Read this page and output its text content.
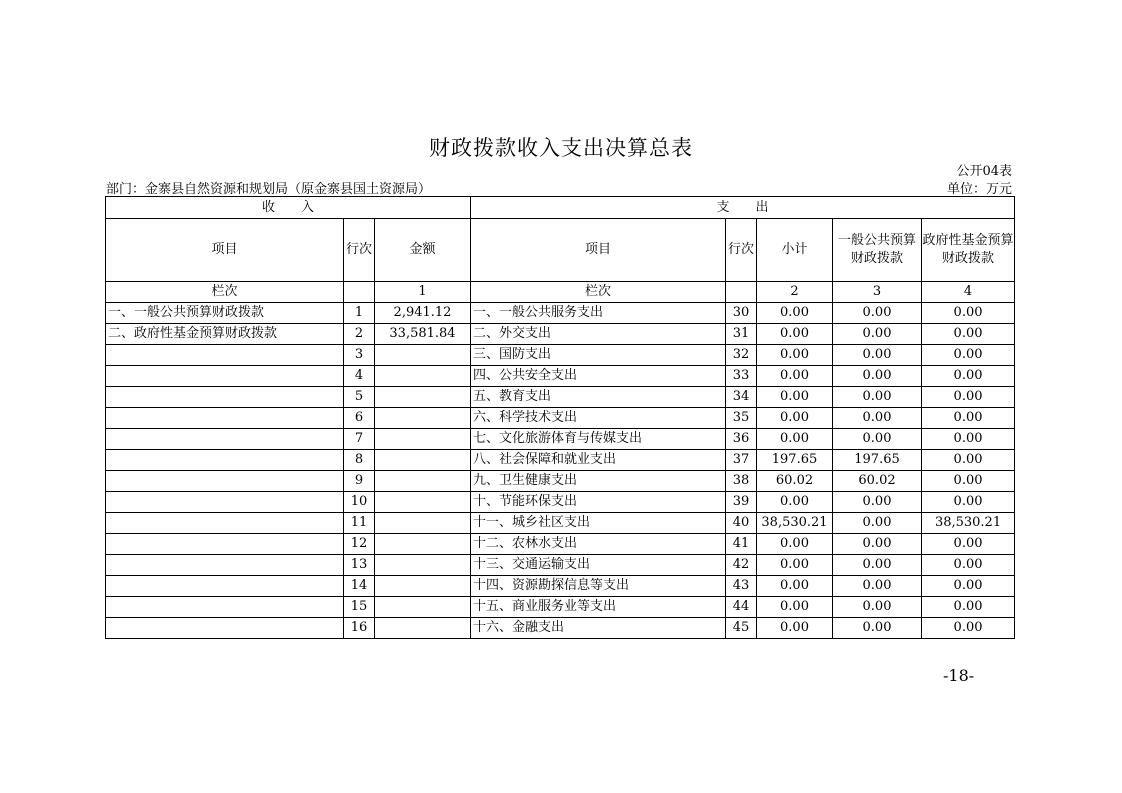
财政拨款收入支出决算总表
公开04表
部门：金寨县自然资源和规划局（原金寨县国土资源局）	单位：万元
收　　入			支　　出				
项目	行次	金额	项目	行次	小计	一般公共预算财政拨款	政府性基金预算财政拨款
栏次		1	栏次		2	3	4
一、一般公共预算财政拨款	1	2,941.12	一、一般公共服务支出	30	0.00	0.00	0.00
二、政府性基金预算财政拨款	2	33,581.84	二、外交支出	31	0.00	0.00	0.00
	3		三、国防支出	32	0.00	0.00	0.00
	4		四、公共安全支出	33	0.00	0.00	0.00
	5		五、教育支出	34	0.00	0.00	0.00
	6		六、科学技术支出	35	0.00	0.00	0.00
	7		七、文化旅游体育与传媒支出	36	0.00	0.00	0.00
	8		八、社会保障和就业支出	37	197.65	197.65	0.00
	9		九、卫生健康支出	38	60.02	60.02	0.00
	10		十、节能环保支出	39	0.00	0.00	0.00
	11		十一、城乡社区支出	40	38,530.21	0.00	38,530.21
	12		十二、农林水支出	41	0.00	0.00	0.00
	13		十三、交通运输支出	42	0.00	0.00	0.00
	14		十四、资源勘探信息等支出	43	0.00	0.00	0.00
	15		十五、商业服务业等支出	44	0.00	0.00	0.00
	16		十六、金融支出	45	0.00	0.00	0.00
-18-
